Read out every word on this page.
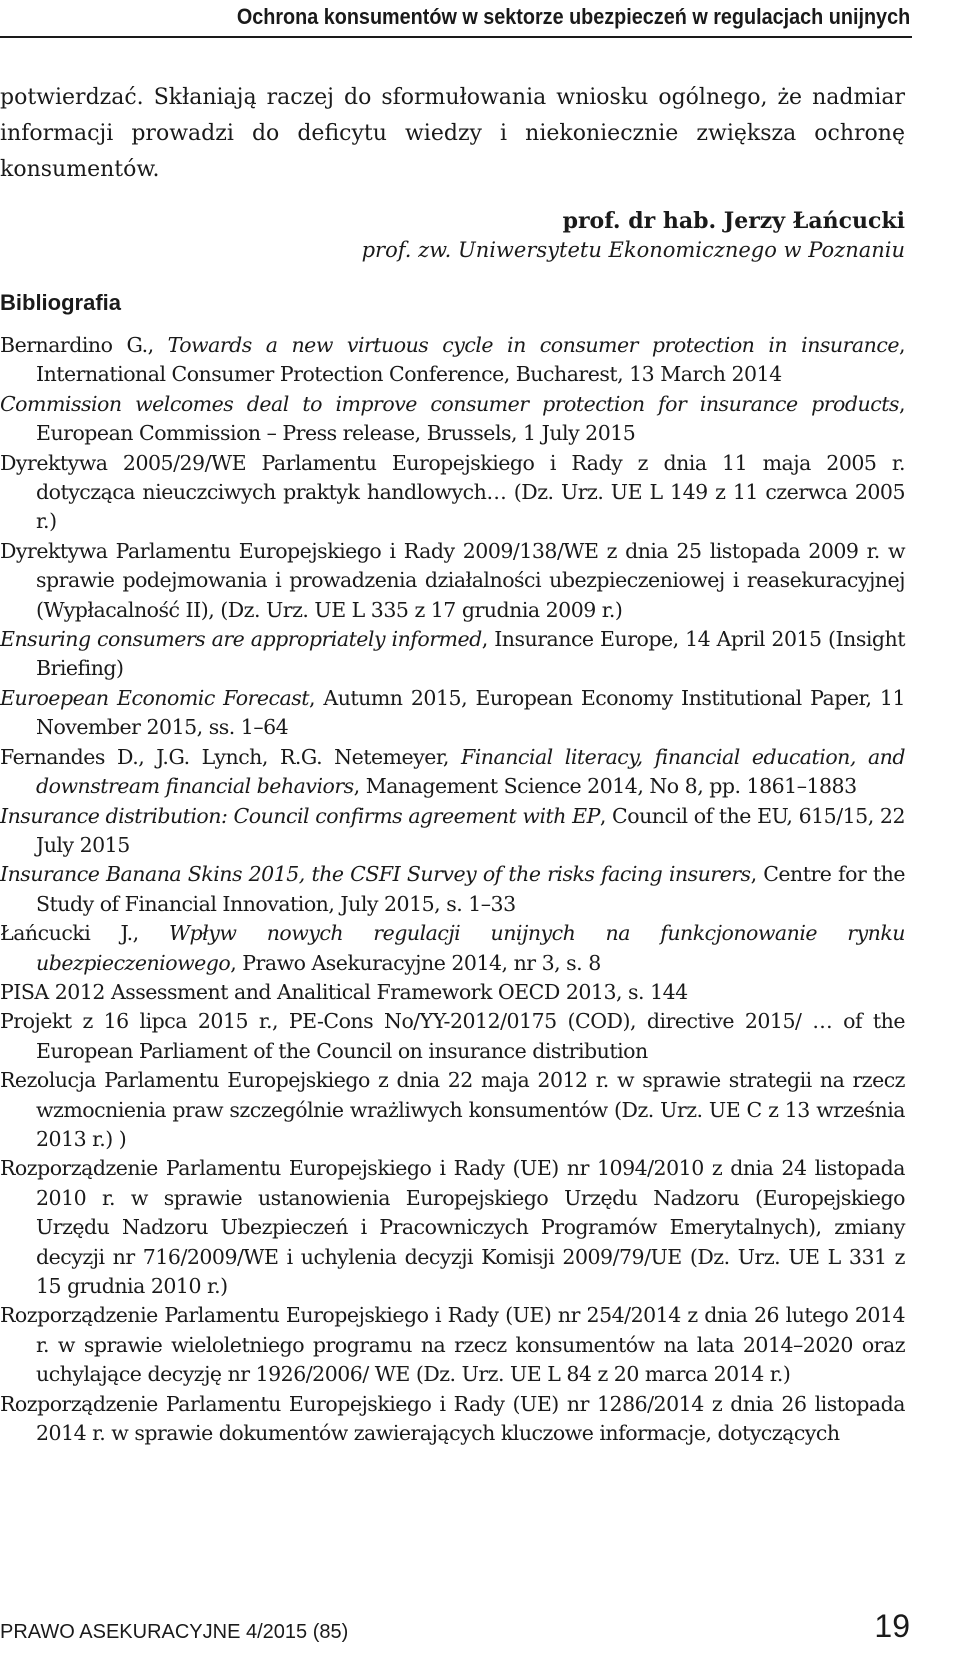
Ochrona konsumentów w sektorze ubezpieczeń w regulacjach unijnych
potwierdzać. Skłaniają raczej do sformułowania wniosku ogólnego, że nadmiar informacji prowadzi do deficytu wiedzy i niekoniecznie zwiększa ochronę konsumentów.
prof. dr hab. Jerzy Łańcucki
prof. zw. Uniwersytetu Ekonomicznego w Poznaniu
Bibliografia
Bernardino G., Towards a new virtuous cycle in consumer protection in insurance, International Consumer Protection Conference, Bucharest, 13 March 2014
Commission welcomes deal to improve consumer protection for insurance products, European Commission – Press release, Brussels, 1 July 2015
Dyrektywa 2005/29/WE Parlamentu Europejskiego i Rady z dnia 11 maja 2005 r. dotycząca nieuczciwych praktyk handlowych… (Dz. Urz. UE L 149 z 11 czerwca 2005 r.)
Dyrektywa Parlamentu Europejskiego i Rady 2009/138/WE z dnia 25 listopada 2009 r. w sprawie podejmowania i prowadzenia działalności ubezpieczeniowej i reasekuracyjnej (Wypłacalność II), (Dz. Urz. UE L 335 z 17 grudnia 2009 r.)
Ensuring consumers are appropriately informed, Insurance Europe, 14 April 2015 (Insight Briefing)
Euroepean Economic Forecast, Autumn 2015, European Economy Institutional Paper, 11 November 2015, ss. 1–64
Fernandes D., J.G. Lynch, R.G. Netemeyer, Financial literacy, financial education, and downstream financial behaviors, Management Science 2014, No 8, pp. 1861–1883
Insurance distribution: Council confirms agreement with EP, Council of the EU, 615/15, 22 July 2015
Insurance Banana Skins 2015, the CSFI Survey of the risks facing insurers, Centre for the Study of Financial Innovation, July 2015, s. 1–33
Łańcucki J., Wpływ nowych regulacji unijnych na funkcjonowanie rynku ubezpieczeniowego, Prawo Asekuracyjne 2014, nr 3, s. 8
PISA 2012 Assessment and Analitical Framework OECD 2013, s. 144
Projekt z 16 lipca 2015 r., PE-Cons No/YY-2012/0175 (COD), directive 2015/ … of the European Parliament of the Council on insurance distribution
Rezolucja Parlamentu Europejskiego z dnia 22 maja 2012 r. w sprawie strategii na rzecz wzmocnienia praw szczególnie wrażliwych konsumentów (Dz. Urz. UE C z 13 września 2013 r.) )
Rozporządzenie Parlamentu Europejskiego i Rady (UE) nr 1094/2010 z dnia 24 listopada 2010 r. w sprawie ustanowienia Europejskiego Urzędu Nadzoru (Europejskiego Urzędu Nadzoru Ubezpieczeń i Pracowniczych Programów Emerytalnych), zmiany decyzji nr 716/2009/WE i uchylenia decyzji Komisji 2009/79/UE (Dz. Urz. UE L 331 z 15 grudnia 2010 r.)
Rozporządzenie Parlamentu Europejskiego i Rady (UE) nr 254/2014 z dnia 26 lutego 2014 r. w sprawie wieloletniego programu na rzecz konsumentów na lata 2014–2020 oraz uchylające decyzję nr 1926/2006/ WE (Dz. Urz. UE L 84 z 20 marca 2014 r.)
Rozporządzenie Parlamentu Europejskiego i Rady (UE) nr 1286/2014 z dnia 26 listopada 2014 r. w sprawie dokumentów zawierających kluczowe informacje, dotyczących
PRAWO ASEKURACYJNE 4/2015 (85)	19
